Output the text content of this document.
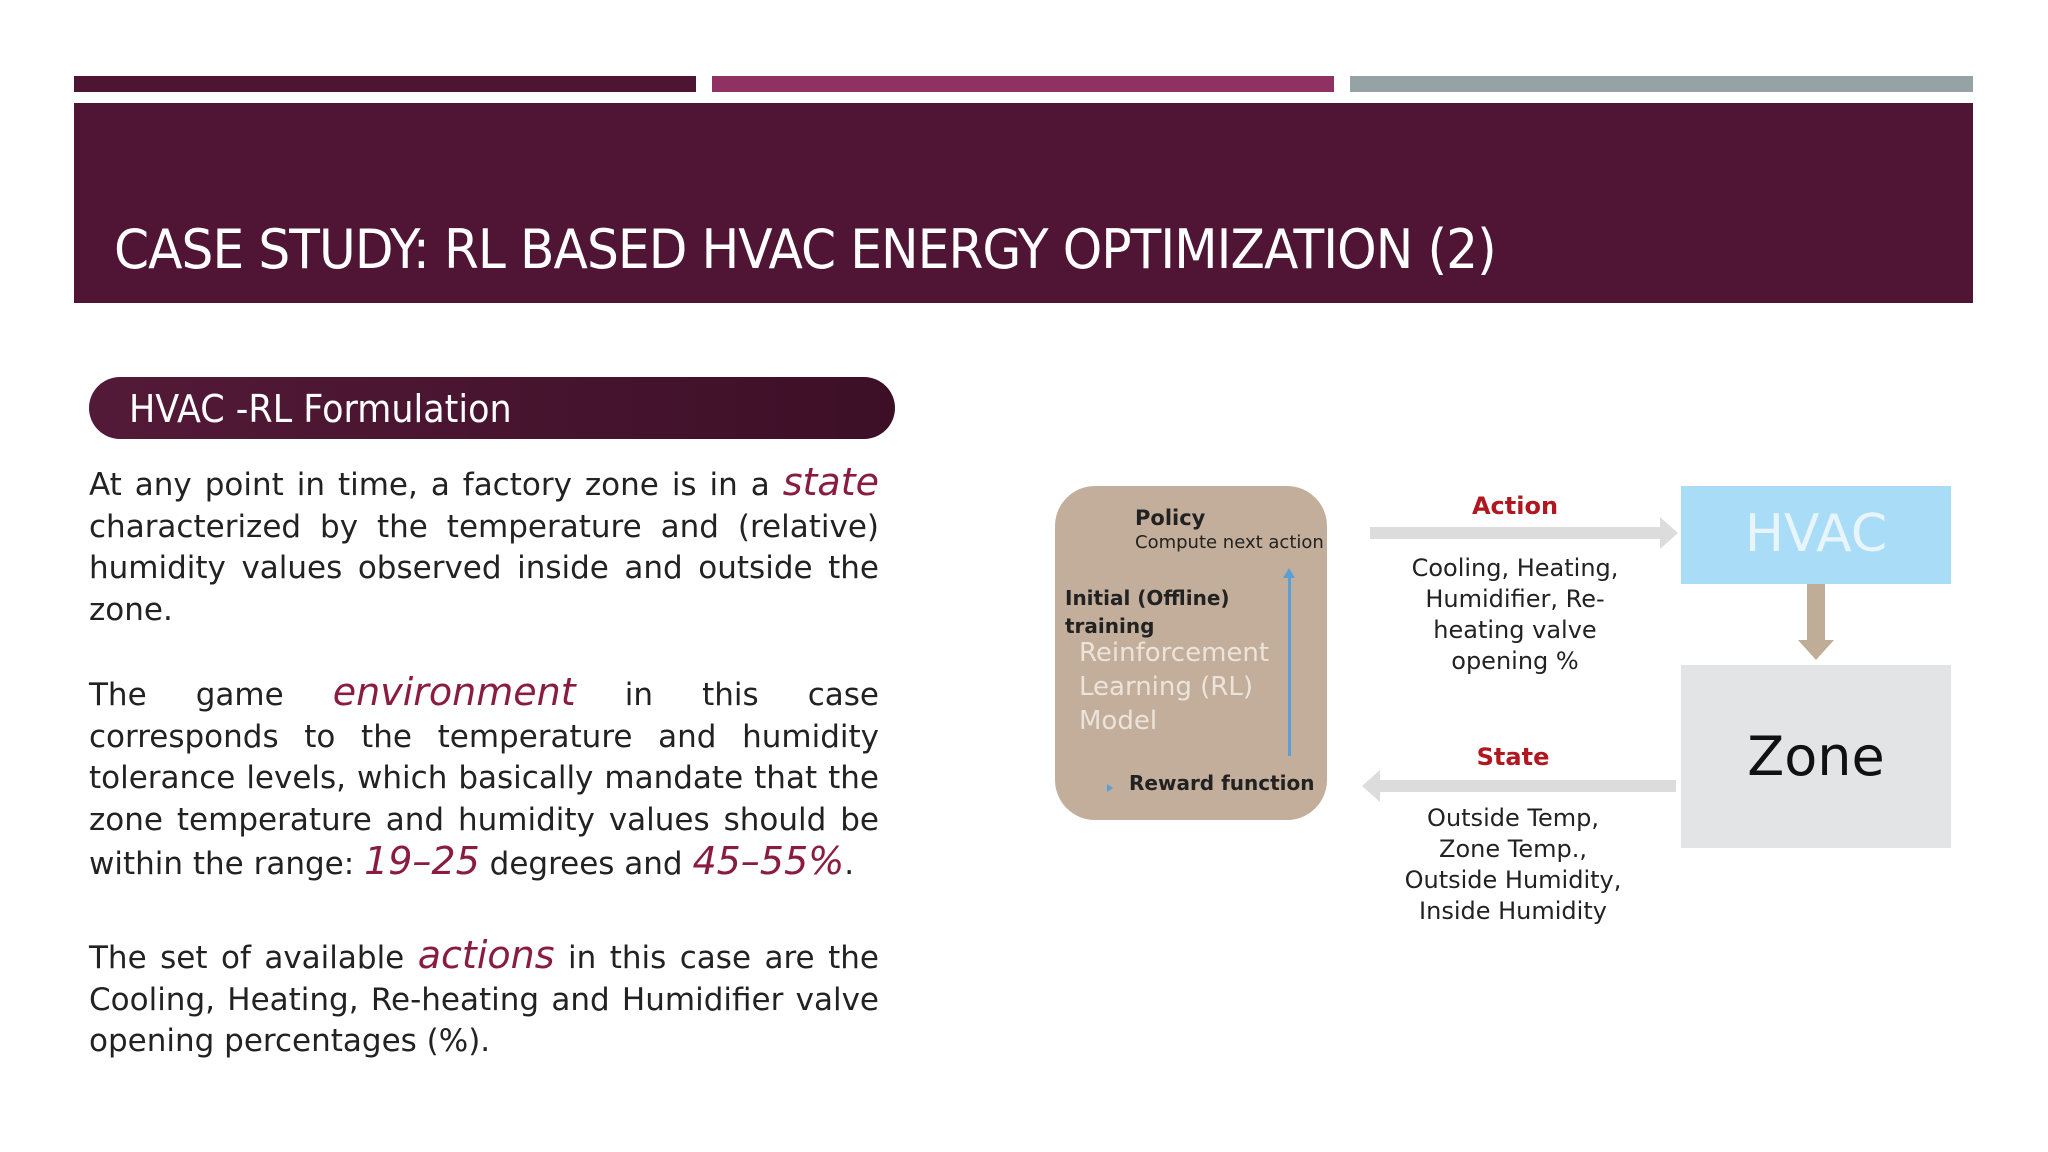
CASE STUDY: RL BASED HVAC ENERGY OPTIMIZATION (2)
HVAC -RL Formulation
At any point in time, a factory zone is in a state characterized by the temperature and (relative) humidity values observed inside and outside the zone.
The game environment in this case corresponds to the temperature and humidity tolerance levels, which basically mandate that the zone temperature and humidity values should be within the range: 19–25 degrees and 45–55%.
The set of available actions in this case are the Cooling, Heating, Re-heating and Humidifier valve opening percentages (%).
Policy
Compute next action
Initial (Offline)
training
Reinforcement
Learning (RL)
Model
Reward function
Action
Cooling, Heating,
Humidifier, Re-
heating valve
opening %
HVAC
Zone
State
Outside Temp,
Zone Temp.,
Outside Humidity,
Inside Humidity
